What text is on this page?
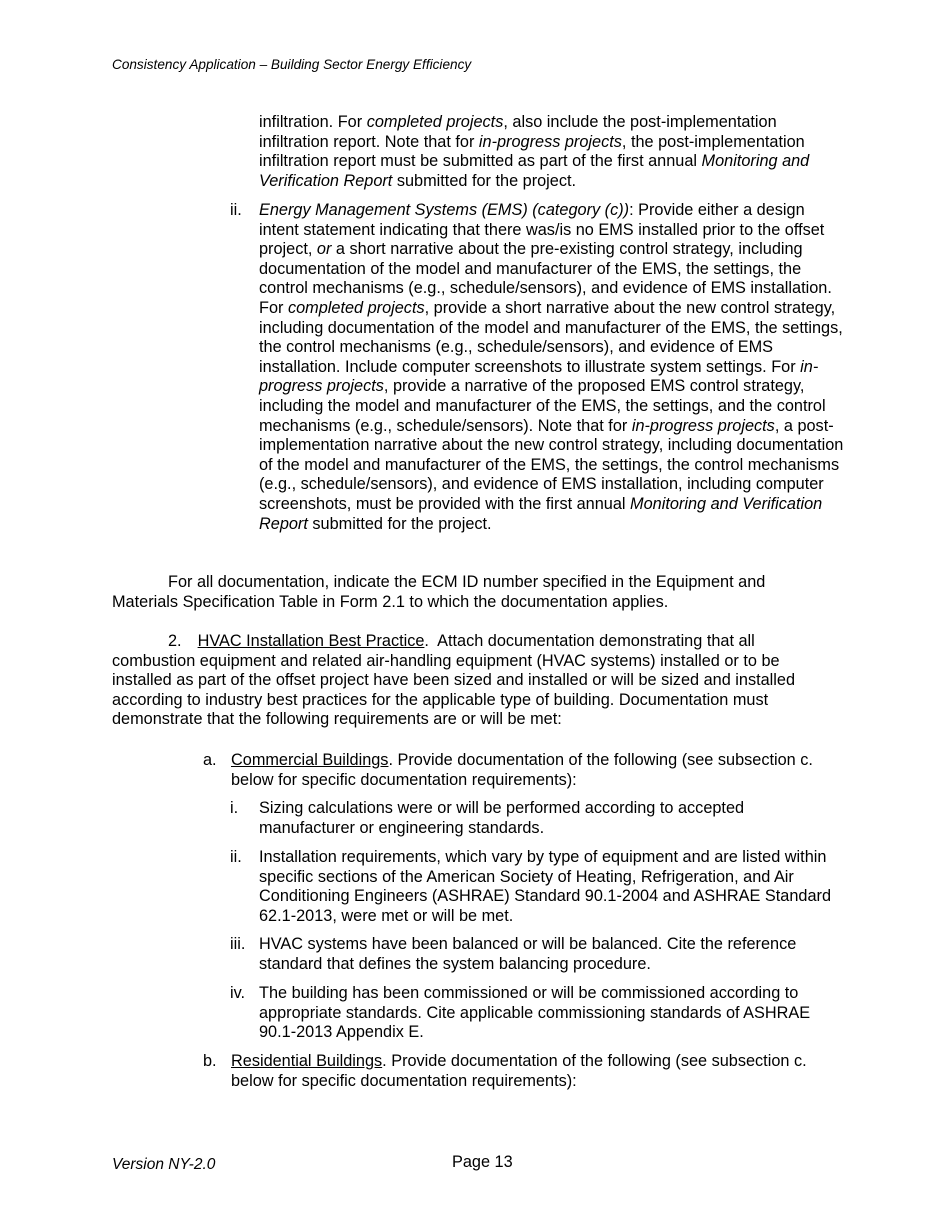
Consistency Application – Building Sector Energy Efficiency

infiltration. For completed projects, also include the post-implementation infiltration report. Note that for in-progress projects, the post-implementation infiltration report must be submitted as part of the first annual Monitoring and Verification Report submitted for the project.

ii. Energy Management Systems (EMS) (category (c)): Provide either a design intent statement indicating that there was/is no EMS installed prior to the offset project, or a short narrative about the pre-existing control strategy, including documentation of the model and manufacturer of the EMS, the settings, the control mechanisms (e.g., schedule/sensors), and evidence of EMS installation. For completed projects, provide a short narrative about the new control strategy, including documentation of the model and manufacturer of the EMS, the settings, the control mechanisms (e.g., schedule/sensors), and evidence of EMS installation. Include computer screenshots to illustrate system settings. For in-progress projects, provide a narrative of the proposed EMS control strategy, including the model and manufacturer of the EMS, the settings, and the control mechanisms (e.g., schedule/sensors). Note that for in-progress projects, a post-implementation narrative about the new control strategy, including documentation of the model and manufacturer of the EMS, the settings, the control mechanisms (e.g., schedule/sensors), and evidence of EMS installation, including computer screenshots, must be provided with the first annual Monitoring and Verification Report submitted for the project.

For all documentation, indicate the ECM ID number specified in the Equipment and Materials Specification Table in Form 2.1 to which the documentation applies.

2. HVAC Installation Best Practice. Attach documentation demonstrating that all combustion equipment and related air-handling equipment (HVAC systems) installed or to be installed as part of the offset project have been sized and installed or will be sized and installed according to industry best practices for the applicable type of building. Documentation must demonstrate that the following requirements are or will be met:

a. Commercial Buildings. Provide documentation of the following (see subsection c. below for specific documentation requirements):

i. Sizing calculations were or will be performed according to accepted manufacturer or engineering standards.

ii. Installation requirements, which vary by type of equipment and are listed within specific sections of the American Society of Heating, Refrigeration, and Air Conditioning Engineers (ASHRAE) Standard 90.1-2004 and ASHRAE Standard 62.1-2013, were met or will be met.

iii. HVAC systems have been balanced or will be balanced. Cite the reference standard that defines the system balancing procedure.

iv. The building has been commissioned or will be commissioned according to appropriate standards. Cite applicable commissioning standards of ASHRAE 90.1-2013 Appendix E.

b. Residential Buildings. Provide documentation of the following (see subsection c. below for specific documentation requirements):

Version NY-2.0	Page 13
